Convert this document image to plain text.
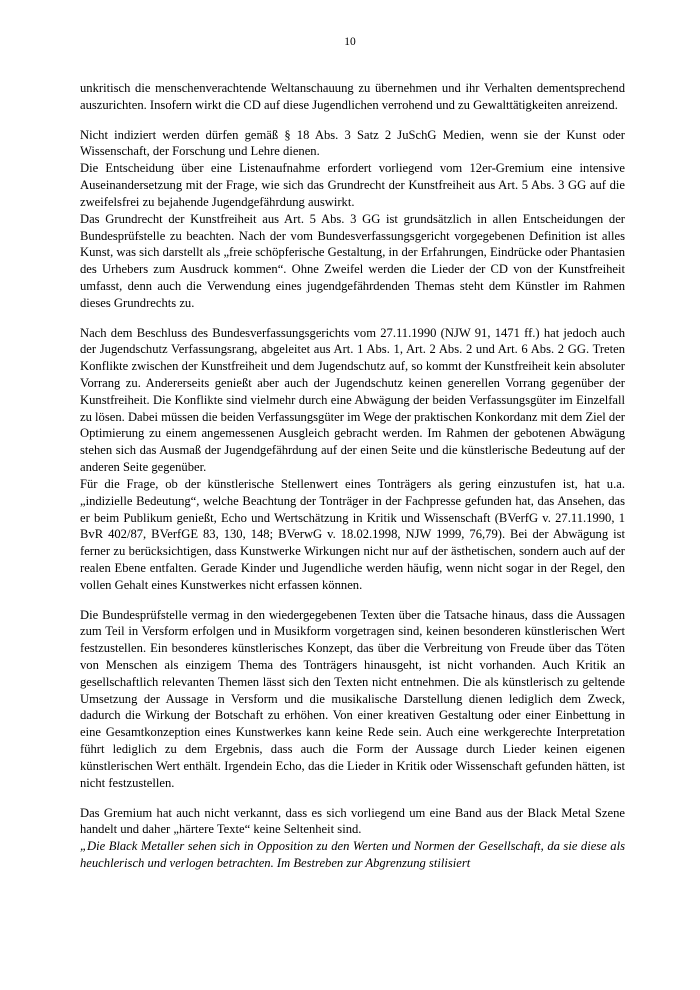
10

unkritisch die menschenverachtende Weltanschauung zu übernehmen und ihr Verhalten dementsprechend auszurichten. Insofern wirkt die CD auf diese Jugendlichen verrohend und zu Gewalttätigkeiten anreizend.

Nicht indiziert werden dürfen gemäß § 18 Abs. 3 Satz 2 JuSchG Medien, wenn sie der Kunst oder Wissenschaft, der Forschung und Lehre dienen.

Die Entscheidung über eine Listenaufnahme erfordert vorliegend vom 12er-Gremium eine intensive Auseinandersetzung mit der Frage, wie sich das Grundrecht der Kunstfreiheit aus Art. 5 Abs. 3 GG auf die zweifelsfrei zu bejahende Jugendgefährdung auswirkt.

Das Grundrecht der Kunstfreiheit aus Art. 5 Abs. 3 GG ist grundsätzlich in allen Entscheidungen der Bundesprüfstelle zu beachten. Nach der vom Bundesverfassungsgericht vorgegebenen Definition ist alles Kunst, was sich darstellt als „freie schöpferische Gestaltung, in der Erfahrungen, Eindrücke oder Phantasien des Urhebers zum Ausdruck kommen“. Ohne Zweifel werden die Lieder der CD von der Kunstfreiheit umfasst, denn auch die Verwendung eines jugendgefährdenden Themas steht dem Künstler im Rahmen dieses Grundrechts zu.

Nach dem Beschluss des Bundesverfassungsgerichts vom 27.11.1990 (NJW 91, 1471 ff.) hat jedoch auch der Jugendschutz Verfassungsrang, abgeleitet aus Art. 1 Abs. 1, Art. 2 Abs. 2 und Art. 6 Abs. 2 GG. Treten Konflikte zwischen der Kunstfreiheit und dem Jugendschutz auf, so kommt der Kunstfreiheit kein absoluter Vorrang zu. Andererseits genießt aber auch der Jugendschutz keinen generellen Vorrang gegenüber der Kunstfreiheit. Die Konflikte sind vielmehr durch eine Abwägung der beiden Verfassungsgüter im Einzelfall zu lösen. Dabei müssen die beiden Verfassungsgüter im Wege der praktischen Konkordanz mit dem Ziel der Optimierung zu einem angemessenen Ausgleich gebracht werden. Im Rahmen der gebotenen Abwägung stehen sich das Ausmaß der Jugendgefährdung auf der einen Seite und die künstlerische Bedeutung auf der anderen Seite gegenüber.

Für die Frage, ob der künstlerische Stellenwert eines Tonträgers als gering einzustufen ist, hat u.a. „indizielle Bedeutung“, welche Beachtung der Tonträger in der Fachpresse gefunden hat, das Ansehen, das er beim Publikum genießt, Echo und Wertschätzung in Kritik und Wissenschaft (BVerfG v. 27.11.1990, 1 BvR 402/87, BVerfGE 83, 130, 148; BVerwG v. 18.02.1998, NJW 1999, 76,79). Bei der Abwägung ist ferner zu berücksichtigen, dass Kunstwerke Wirkungen nicht nur auf der ästhetischen, sondern auch auf der realen Ebene entfalten. Gerade Kinder und Jugendliche werden häufig, wenn nicht sogar in der Regel, den vollen Gehalt eines Kunstwerkes nicht erfassen können.

Die Bundesprüfstelle vermag in den wiedergegebenen Texten über die Tatsache hinaus, dass die Aussagen zum Teil in Versform erfolgen und in Musikform vorgetragen sind, keinen besonderen künstlerischen Wert festzustellen. Ein besonderes künstlerisches Konzept, das über die Verbreitung von Freude über das Töten von Menschen als einzigem Thema des Tonträgers hinausgeht, ist nicht vorhanden. Auch Kritik an gesellschaftlich relevanten Themen lässt sich den Texten nicht entnehmen. Die als künstlerisch zu geltende Umsetzung der Aussage in Versform und die musikalische Darstellung dienen lediglich dem Zweck, dadurch die Wirkung der Botschaft zu erhöhen. Von einer kreativen Gestaltung oder einer Einbettung in eine Gesamtkonzeption eines Kunstwerkes kann keine Rede sein. Auch eine werkgerechte Interpretation führt lediglich zu dem Ergebnis, dass auch die Form der Aussage durch Lieder keinen eigenen künstlerischen Wert enthält. Irgendein Echo, das die Lieder in Kritik oder Wissenschaft gefunden hätten, ist nicht festzustellen.

Das Gremium hat auch nicht verkannt, dass es sich vorliegend um eine Band aus der Black Metal Szene handelt und daher „härtere Texte“ keine Seltenheit sind.

„Die Black Metaller sehen sich in Opposition zu den Werten und Normen der Gesellschaft, da sie diese als heuchlerisch und verlogen betrachten. Im Bestreben zur Abgrenzung stilisiert
